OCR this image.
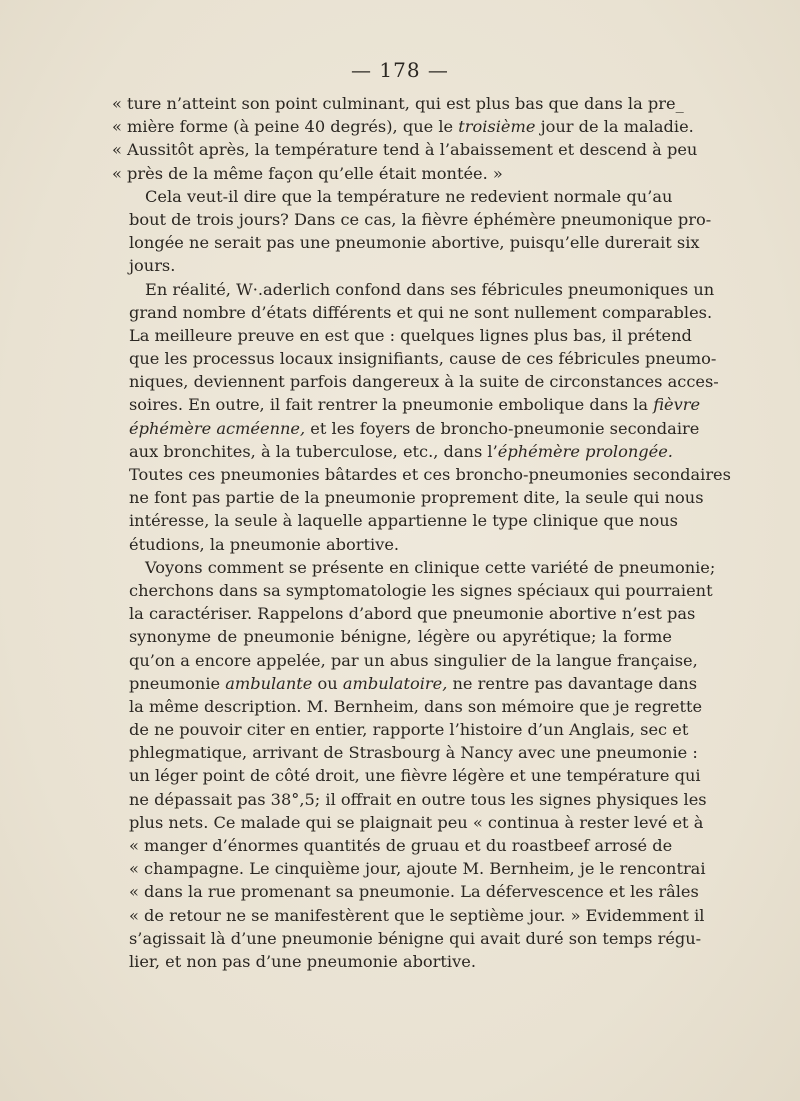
— 178 —
« ture n’atteint son point culminant, qui est plus bas que dans la pre_
« mière forme (à peine 40 degrés), que le troisième jour de la maladie.
« Aussitôt après, la température tend à l’abaissement et descend à peu
« près de la même façon qu’elle était montée. »
Cela veut-il dire que la température ne redevient normale qu’au
bout de trois jours? Dans ce cas, la fièvre éphémère pneumonique pro-
longée ne serait pas une pneumonie abortive, puisqu’elle durerait six
jours.
En réalité, W·.aderlich confond dans ses fébricules pneumoniques un
grand nombre d’états différents et qui ne sont nullement comparables.
La meilleure preuve en est que : quelques lignes plus bas, il prétend
que les processus locaux insignifiants, cause de ces fébricules pneumo-
niques, deviennent parfois dangereux à la suite de circonstances acces-
soires. En outre, il fait rentrer la pneumonie embolique dans la fièvre
éphémère acméenne, et les foyers de broncho-pneumonie secondaire
aux bronchites, à la tuberculose, etc., dans l’éphémère prolongée.
Toutes ces pneumonies bâtardes et ces broncho-pneumonies secondaires
ne font pas partie de la pneumonie proprement dite, la seule qui nous
intéresse, la seule à laquelle appartienne le type clinique que nous
étudions, la pneumonie abortive.
Voyons comment se présente en clinique cette variété de pneumonie;
cherchons dans sa symptomatologie les signes spéciaux qui pourraient
la caractériser. Rappelons d’abord que pneumonie abortive n’est pas
synonyme de pneumonie bénigne, légère ou apyrétique; la forme
qu’on a encore appelée, par un abus singulier de la langue française,
pneumonie ambulante ou ambulatoire, ne rentre pas davantage dans
la même description. M. Bernheim, dans son mémoire que je regrette
de ne pouvoir citer en entier, rapporte l’histoire d’un Anglais, sec et
phlegmatique, arrivant de Strasbourg à Nancy avec une pneumonie :
un léger point de côté droit, une fièvre légère et une température qui
ne dépassait pas 38°,5; il offrait en outre tous les signes physiques les
plus nets. Ce malade qui se plaignait peu « continua à rester levé et à
« manger d’énormes quantités de gruau et du roastbeef arrosé de
« champagne. Le cinquième jour, ajoute M. Bernheim, je le rencontrai
« dans la rue promenant sa pneumonie. La défervescence et les râles
« de retour ne se manifestèrent que le septième jour. » Evidemment il
s’agissait là d’une pneumonie bénigne qui avait duré son temps régu-
lier, et non pas d’une pneumonie abortive.
